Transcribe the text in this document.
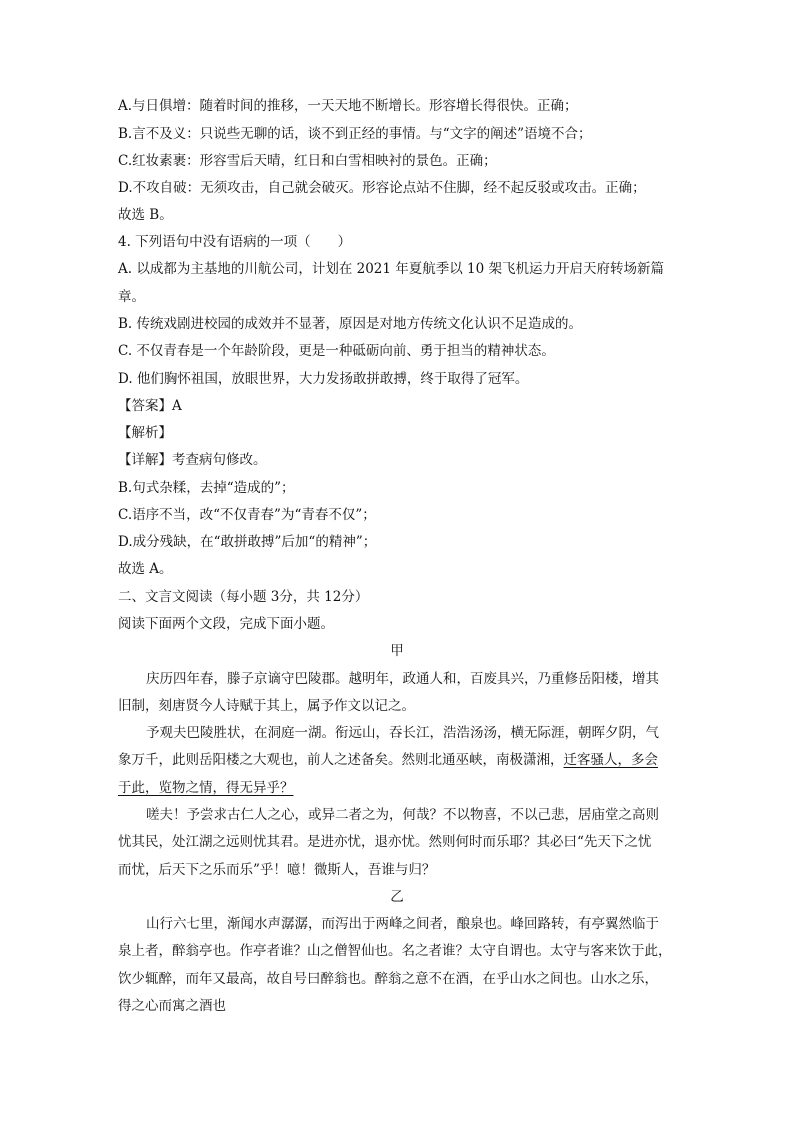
A.与日俱增：随着时间的推移，一天天地不断增长。形容增长得很快。正确；
B.言不及义：只说些无聊的话，谈不到正经的事情。与“文字的阐述”语境不合；
C.红妆素裹：形容雪后天晴，红日和白雪相映衬的景色。正确；
D.不攻自破：无须攻击，自己就会破灭。形容论点站不住脚，经不起反驳或攻击。正确；
故选 B。
4. 下列语句中没有语病的一项（　　）
A. 以成都为主基地的川航公司，计划在 2021 年夏航季以 10 架飞机运力开启天府转场新篇
章。
B. 传统戏剧进校园的成效并不显著，原因是对地方传统文化认识不足造成的。
C. 不仅青春是一个年龄阶段，更是一种砥砺向前、勇于担当的精神状态。
D. 他们胸怀祖国，放眼世界，大力发扬敢拼敢搏，终于取得了冠军。
【答案】A
【解析】
【详解】考查病句修改。
B.句式杂糅，去掉“造成的”；
C.语序不当，改“不仅青春”为“青春不仅”；
D.成分残缺，在“敢拼敢搏”后加“的精神”；
故选 A。
二、文言文阅读（每小题 3分，共 12分）
阅读下面两个文段，完成下面小题。
甲
庆历四年春，滕子京谪守巴陵郡。越明年，政通人和，百废具兴，乃重修岳阳楼，增其
旧制，刻唐贤今人诗赋于其上，属予作文以记之。
予观夫巴陵胜状，在洞庭一湖。衔远山，吞长江，浩浩汤汤，横无际涯，朝晖夕阴，气
象万千，此则岳阳楼之大观也，前人之述备矣。然则北通巫峡，南极潇湘，迁客骚人，多会
于此，览物之情，得无异乎？
嗟夫！予尝求古仁人之心，或异二者之为，何哉？不以物喜，不以己悲，居庙堂之高则
忧其民，处江湖之远则忧其君。是进亦忧，退亦忧。然则何时而乐耶？其必曰“先天下之忧
而忧，后天下之乐而乐”乎！噫！微斯人，吾谁与归？
乙
山行六七里，渐闻水声潺潺，而泻出于两峰之间者，酿泉也。峰回路转，有亭翼然临于
泉上者，醉翁亭也。作亭者谁？山之僧智仙也。名之者谁？太守自谓也。太守与客来饮于此，
饮少辄醉，而年又最高，故自号曰醉翁也。醉翁之意不在酒，在乎山水之间也。山水之乐，
得之心而寓之酒也
